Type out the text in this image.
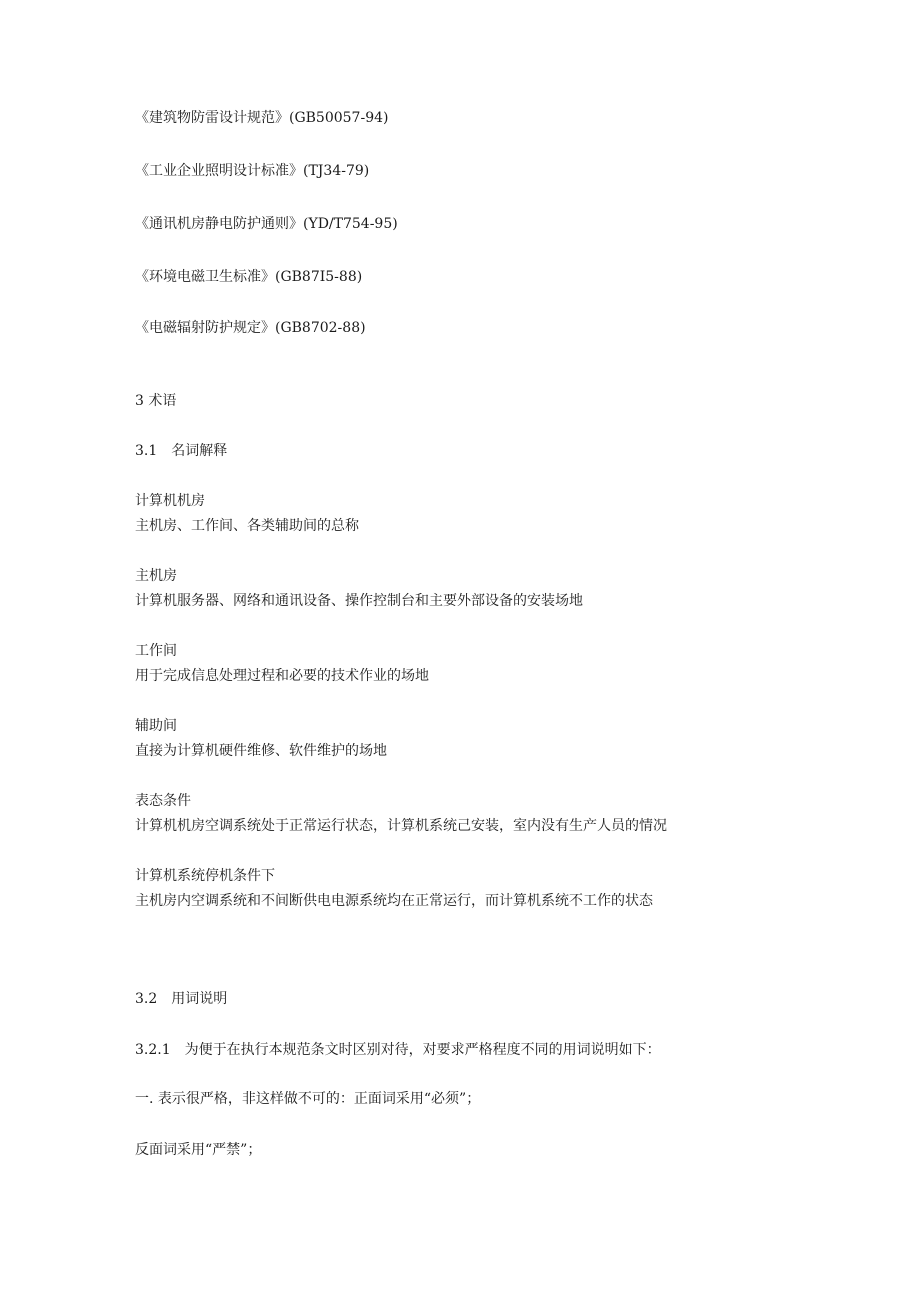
《建筑物防雷设计规范》(GB50057-94)
《工业企业照明设计标准》(TJ34-79)
《通讯机房静电防护通则》(YD/T754-95)
《环境电磁卫生标准》(GB87I5-88)
《电磁辐射防护规定》(GB8702-88)
3 术语
3.1　名词解释
计算机机房
主机房、工作间、各类辅助间的总称
主机房
计算机服务器、网络和通讯设备、操作控制台和主要外部设备的安装场地
工作间
用于完成信息处理过程和必要的技术作业的场地
辅助间
直接为计算机硬件维修、软件维护的场地
表态条件
计算机机房空调系统处于正常运行状态，计算机系统己安装，室内没有生产人员的情况
计算机系统停机条件下
主机房内空调系统和不间断供电电源系统均在正常运行，而计算机系统不工作的状态
3.2　用词说明
3.2.1　为便于在执行本规范条文时区别对待，对要求严格程度不同的用词说明如下：
一. 表示很严格，非这样做不可的：正面词采用“必须”；
反面词采用“严禁”；
